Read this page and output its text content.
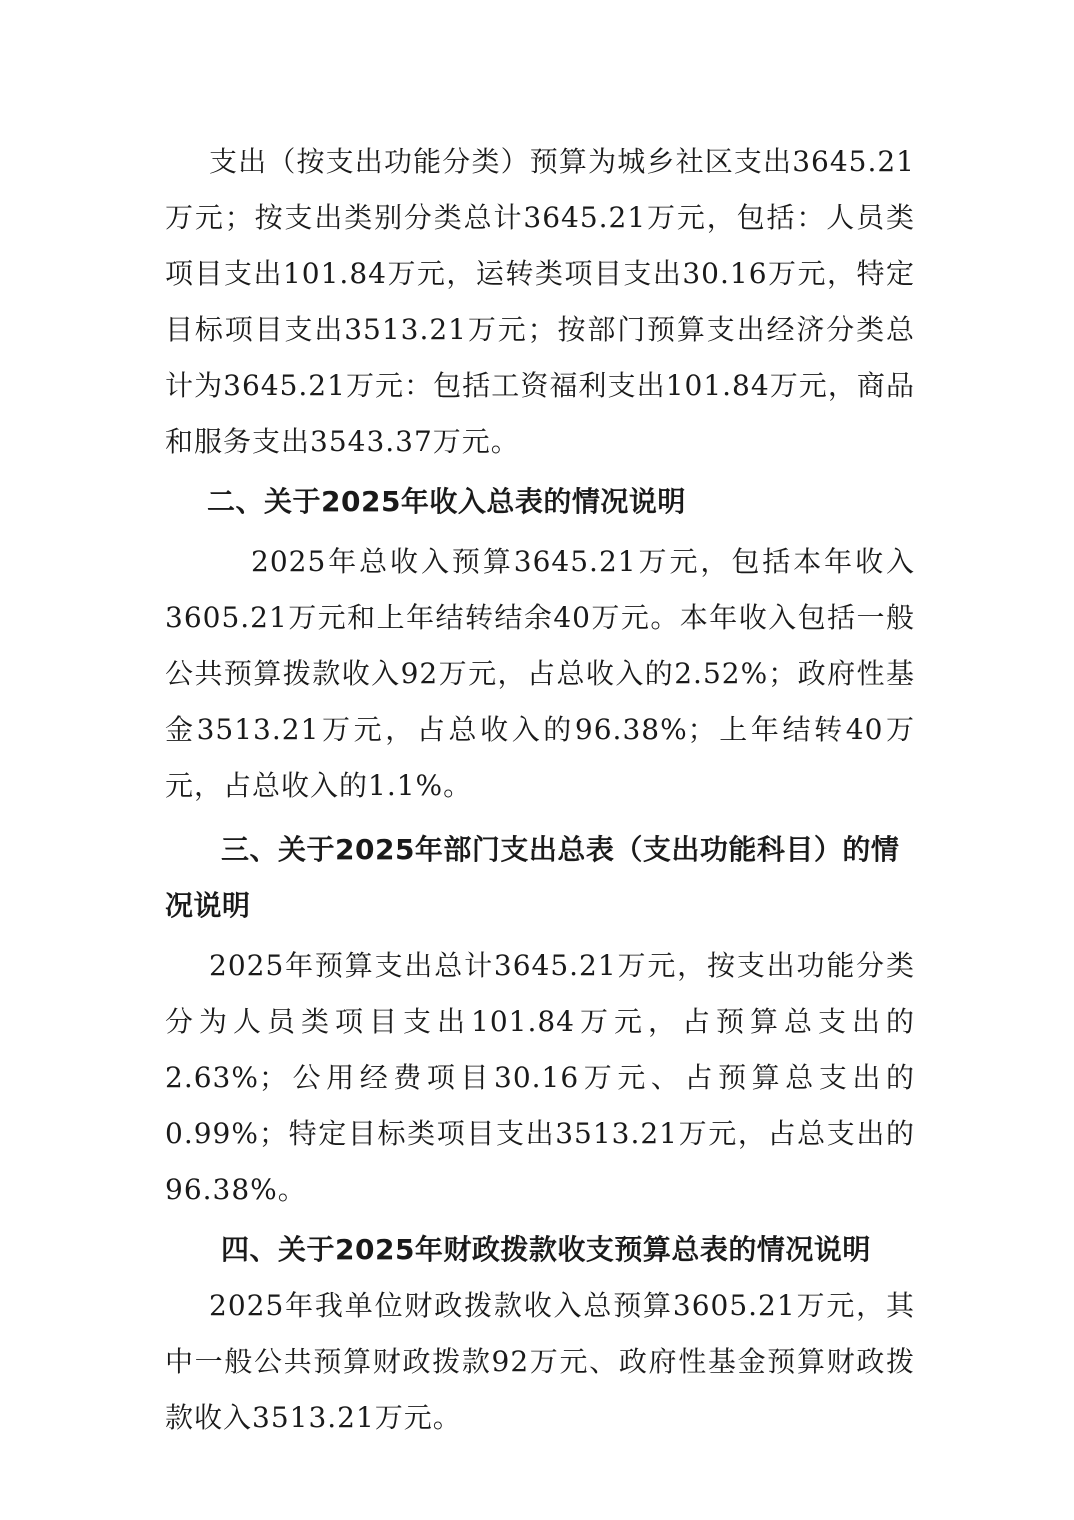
支出（按支出功能分类）预算为城乡社区支出3645.21万元；按支出类别分类总计3645.21万元，包括：人员类项目支出101.84万元，运转类项目支出30.16万元，特定目标项目支出3513.21万元；按部门预算支出经济分类总计为3645.21万元：包括工资福利支出101.84万元，商品和服务支出3543.37万元。

二、关于2025年收入总表的情况说明

2025年总收入预算3645.21万元，包括本年收入3605.21万元和上年结转结余40万元。本年收入包括一般公共预算拨款收入92万元，占总收入的2.52%；政府性基金3513.21万元，占总收入的96.38%；上年结转40万元，占总收入的1.1%。

三、关于2025年部门支出总表（支出功能科目）的情况说明

2025年预算支出总计3645.21万元，按支出功能分类分为人员类项目支出101.84万元，占预算总支出的2.63%；公用经费项目30.16万元、占预算总支出的0.99%；特定目标类项目支出3513.21万元，占总支出的96.38%。

四、关于2025年财政拨款收支预算总表的情况说明

2025年我单位财政拨款收入总预算3605.21万元，其中一般公共预算财政拨款92万元、政府性基金预算财政拨款收入3513.21万元。
